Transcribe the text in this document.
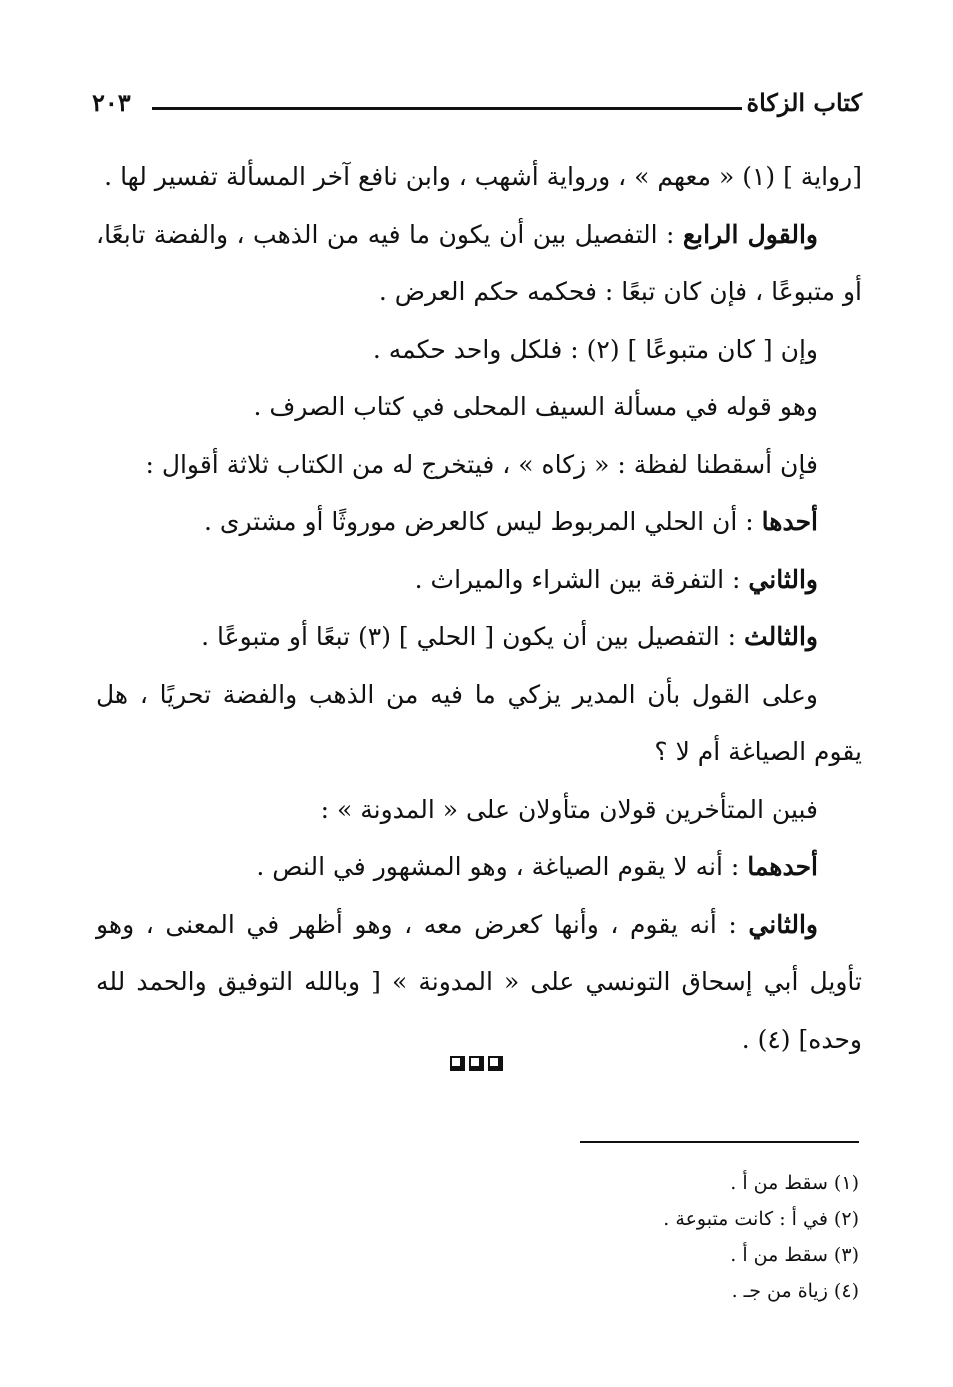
كتاب الزكاة
٢٠٣

[رواية ] (١) « معهم » ، ورواية أشهب ، وابن نافع آخر المسألة تفسير لها .

والقول الرابع : التفصيل بين أن يكون ما فيه من الذهب ، والفضة تابعًا، أو متبوعًا ، فإن كان تبعًا : فحكمه حكم العرض .

وإن [ كان متبوعًا ] (٢) : فلكل واحد حكمه .

وهو قوله في مسألة السيف المحلى في كتاب الصرف .

فإن أسقطنا لفظة : « زكاه » ، فيتخرج له من الكتاب ثلاثة أقوال :

أحدها : أن الحلي المربوط ليس كالعرض موروثًا أو مشترى .

والثاني : التفرقة بين الشراء والميراث .

والثالث : التفصيل بين أن يكون [ الحلي ] (٣) تبعًا أو متبوعًا .

وعلى القول بأن المدير يزكي ما فيه من الذهب والفضة تحريًا ، هل يقوم الصياغة أم لا ؟

فبين المتأخرين قولان متأولان على « المدونة » :

أحدهما : أنه لا يقوم الصياغة ، وهو المشهور في النص .

والثاني : أنه يقوم ، وأنها كعرض معه ، وهو أظهر في المعنى ، وهو تأويل أبي إسحاق التونسي على « المدونة » [ وبالله التوفيق والحمد لله وحده] (٤) .

(١) سقط من أ .
(٢) في أ : كانت متبوعة .
(٣) سقط من أ .
(٤) زياة من جـ .
